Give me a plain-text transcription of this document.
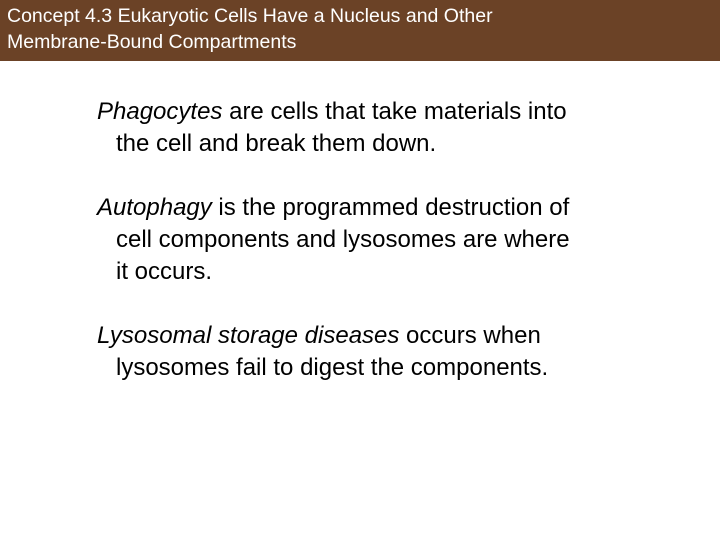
Concept 4.3 Eukaryotic Cells Have a Nucleus and Other
Membrane-Bound Compartments

Phagocytes are cells that take materials into
the cell and break them down.

Autophagy is the programmed destruction of
cell components and lysosomes are where
it occurs.

Lysosomal storage diseases occurs when
lysosomes fail to digest the components.
